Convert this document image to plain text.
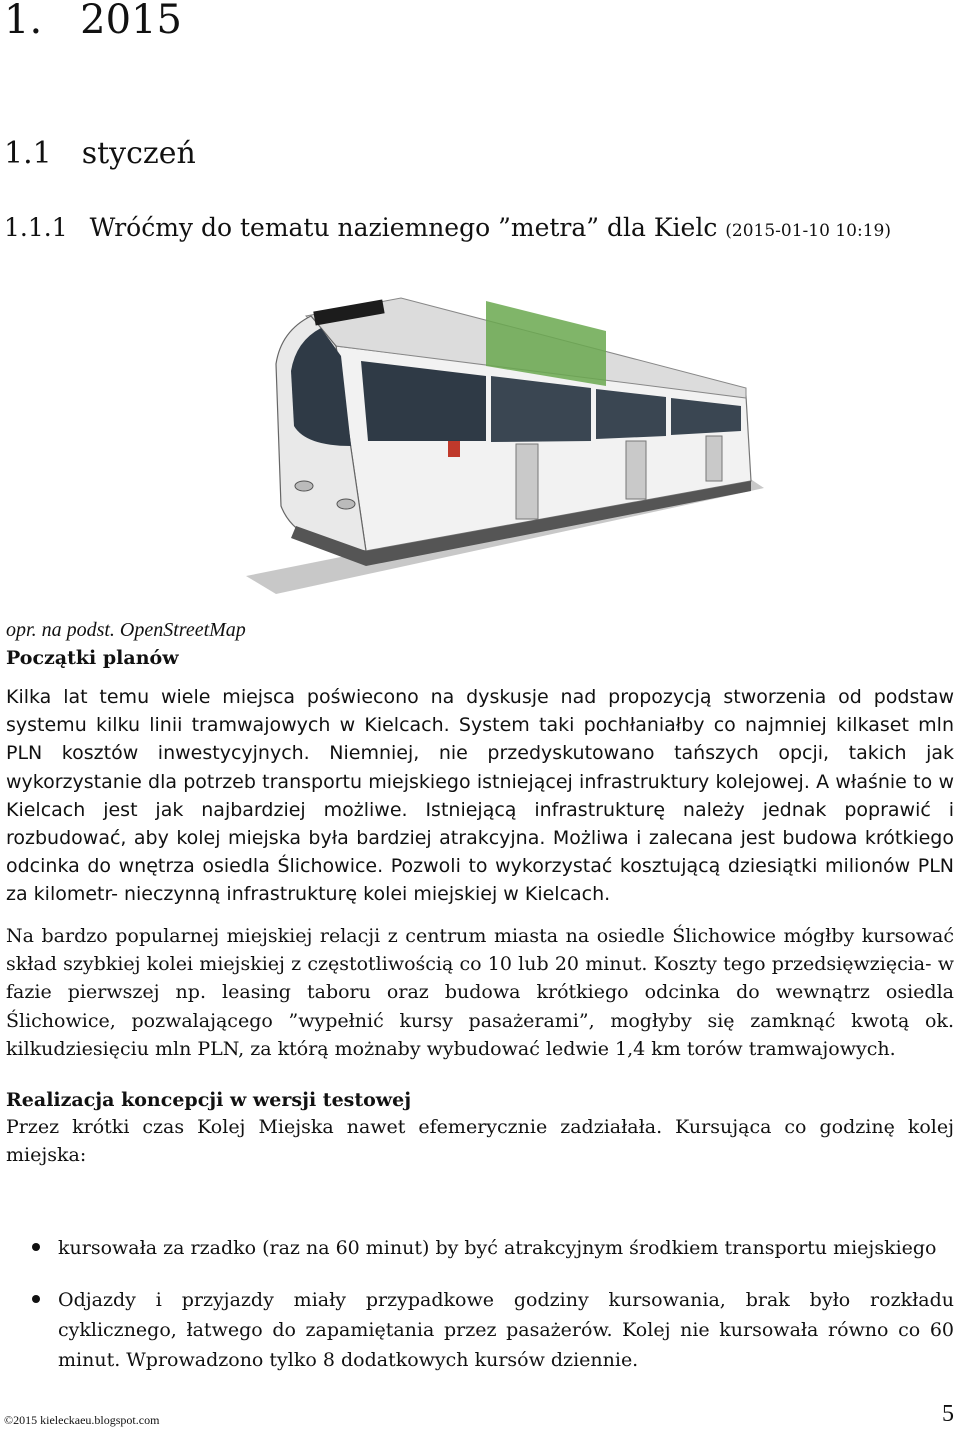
1. 2015
1.1 styczeń
1.1.1 Wróćmy do tematu naziemnego ”metra” dla Kielc (2015-01-10 10:19)
opr. na podst. OpenStreetMap
Początki planów
Kilka lat temu wiele miejsca poświecono na dyskusje nad propozycją stworzenia od podstaw systemu kilku linii tramwajowych w Kielcach. System taki pochłaniałby co najmniej kilkaset mln PLN kosztów inwestycyjnych. Niemniej, nie przedyskutowano tańszych opcji, takich jak wykorzystanie dla potrzeb transportu miejskiego istniejącej infrastruktury kolejowej. A właśnie to w Kielcach jest jak najbardziej możliwe. Istniejącą infrastrukturę należy jednak poprawić i rozbudować, aby kolej miejska była bardziej atrakcyjna. Możliwa i zalecana jest budowa krótkiego odcinka do wnętrza osiedla Ślichowice. Pozwoli to wykorzystać kosztującą dziesiątki milionów PLN za kilometr- nieczynną infrastrukturę kolei miejskiej w Kielcach.
Na bardzo popularnej miejskiej relacji z centrum miasta na osiedle Ślichowice mógłby kursować skład szybkiej kolei miejskiej z częstotliwością co 10 lub 20 minut. Koszty tego przedsięwzięcia- w fazie pierwszej np. leasing taboru oraz budowa krótkiego odcinka do wewnątrz osiedla Ślichowice, pozwalającego ”wypełnić kursy pasażerami”, mogłyby się zamknąć kwotą ok. kilkudziesięciu mln PLN, za którą możnaby wybudować ledwie 1,4 km torów tramwajowych.
Realizacja koncepcji w wersji testowej
Przez krótki czas Kolej Miejska nawet efemerycznie zadziałała. Kursująca co godzinę kolej miejska:
kursowała za rzadko (raz na 60 minut) by być atrakcyjnym środkiem transportu miejskiego
Odjazdy i przyjazdy miały przypadkowe godziny kursowania, brak było rozkładu cyklicznego, łatwego do zapamiętania przez pasażerów. Kolej nie kursowała równo co 60 minut. Wprowadzono tylko 8 dodatkowych kursów dziennie.
©2015 kieleckaeu.blogspot.com	5
